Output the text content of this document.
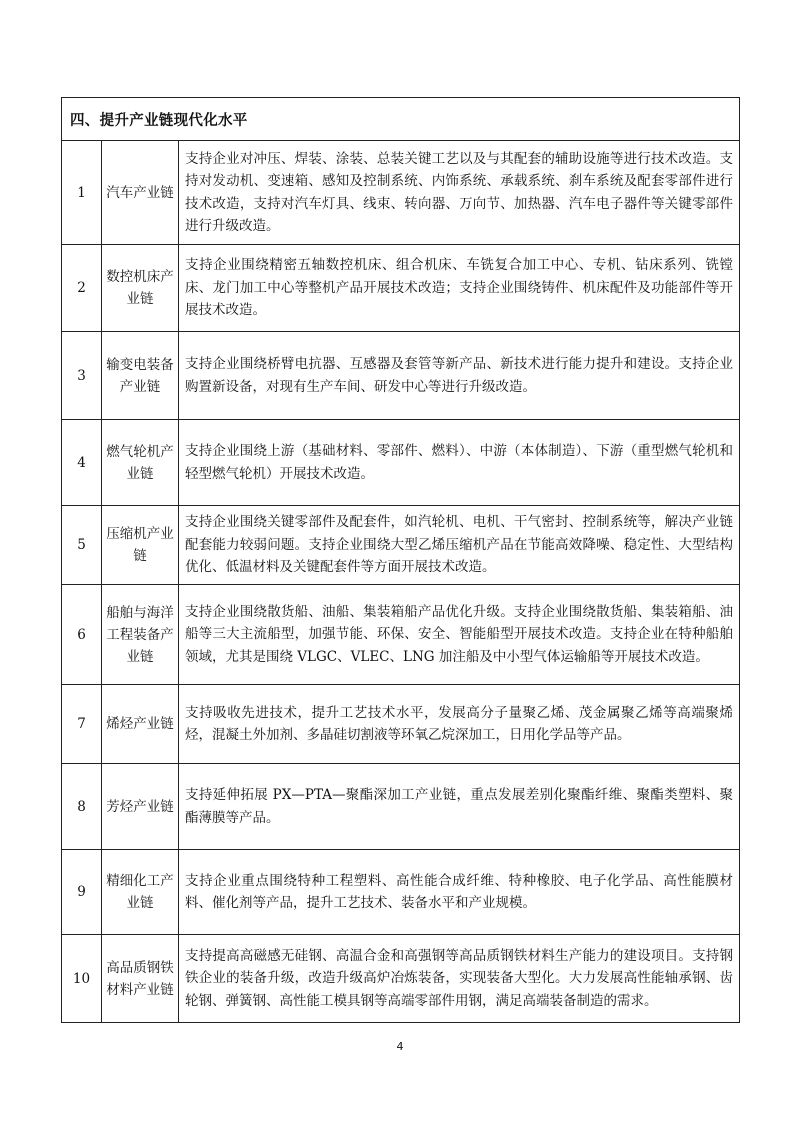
四、提升产业链现代化水平		
1	汽车产业链	支持企业对冲压、焊装、涂装、总装关键工艺以及与其配套的辅助设施等进行技术改造。支持对发动机、变速箱、感知及控制系统、内饰系统、承载系统、刹车系统及配套零部件进行技术改造，支持对汽车灯具、线束、转向器、万向节、加热器、汽车电子器件等关键零部件进行升级改造。
2	数控机床产业链	支持企业围绕精密五轴数控机床、组合机床、车铣复合加工中心、专机、钻床系列、铣镗床、龙门加工中心等整机产品开展技术改造；支持企业围绕铸件、机床配件及功能部件等开展技术改造。
3	输变电装备产业链	支持企业围绕桥臂电抗器、互感器及套管等新产品、新技术进行能力提升和建设。支持企业购置新设备，对现有生产车间、研发中心等进行升级改造。
4	燃气轮机产业链	支持企业围绕上游（基础材料、零部件、燃料）、中游（本体制造）、下游（重型燃气轮机和轻型燃气轮机）开展技术改造。
5	压缩机产业链	支持企业围绕关键零部件及配套件，如汽轮机、电机、干气密封、控制系统等，解决产业链配套能力较弱问题。支持企业围绕大型乙烯压缩机产品在节能高效降噪、稳定性、大型结构优化、低温材料及关键配套件等方面开展技术改造。
6	船舶与海洋工程装备产业链	支持企业围绕散货船、油船、集装箱船产品优化升级。支持企业围绕散货船、集装箱船、油船等三大主流船型，加强节能、环保、安全、智能船型开展技术改造。支持企业在特种船舶领域，尤其是围绕 VLGC、VLEC、LNG 加注船及中小型气体运输船等开展技术改造。
7	烯烃产业链	支持吸收先进技术，提升工艺技术水平，发展高分子量聚乙烯、茂金属聚乙烯等高端聚烯烃，混凝土外加剂、多晶硅切割液等环氧乙烷深加工，日用化学品等产品。
8	芳烃产业链	支持延伸拓展 PX—PTA—聚酯深加工产业链，重点发展差别化聚酯纤维、聚酯类塑料、聚酯薄膜等产品。
9	精细化工产业链	支持企业重点围绕特种工程塑料、高性能合成纤维、特种橡胶、电子化学品、高性能膜材料、催化剂等产品，提升工艺技术、装备水平和产业规模。
10	高品质钢铁材料产业链	支持提高高磁感无硅钢、高温合金和高强钢等高品质钢铁材料生产能力的建设项目。支持钢铁企业的装备升级，改造升级高炉冶炼装备，实现装备大型化。大力发展高性能轴承钢、齿轮钢、弹簧钢、高性能工模具钢等高端零部件用钢，满足高端装备制造的需求。
4
